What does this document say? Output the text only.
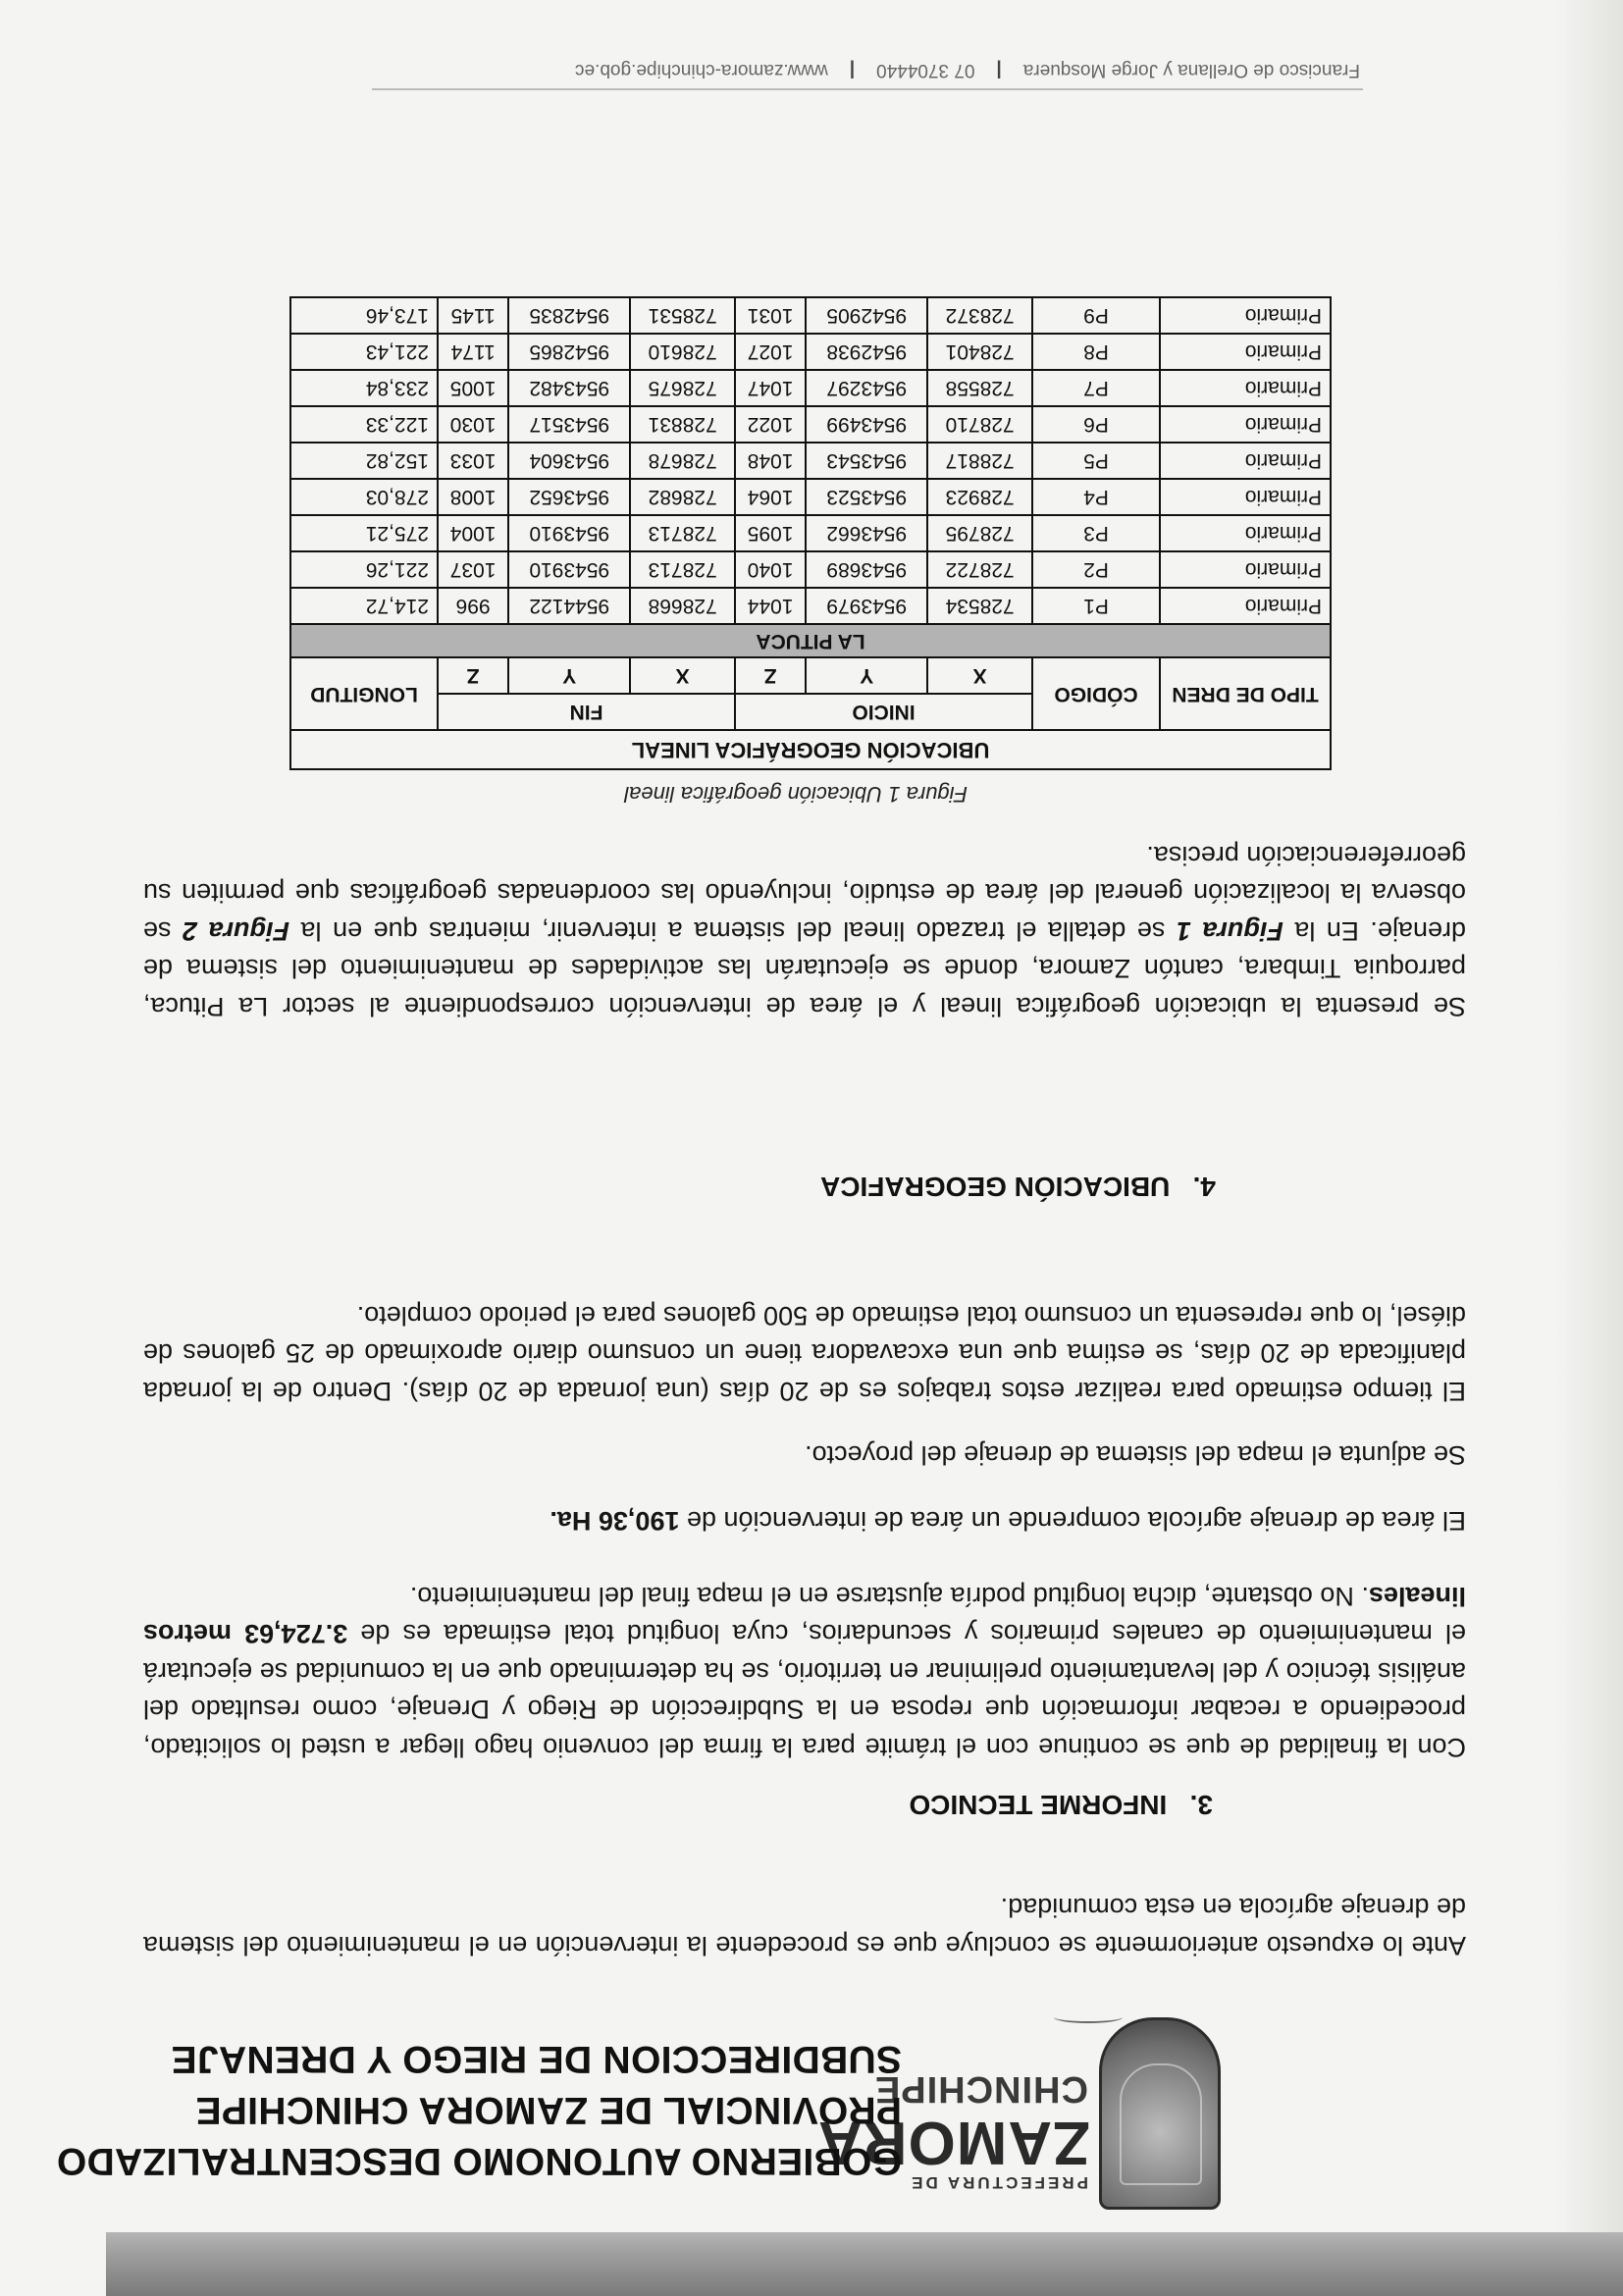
PREFECTURA DE
ZAMORA
CHINCHIPE
GOBIERNO AUTONOMO DESCENTRALIZADO
PROVINCIAL DE ZAMORA CHINCHIPE
SUBDIRECCION DE RIEGO Y DRENAJE

Ante lo expuesto anteriormente se concluye que es procedente la intervención en el mantenimiento del sistema de drenaje agrícola en esta comunidad.

3.   INFORME TECNICO

Con la finalidad de que se continue con el trámite para la firma del convenio hago llegar a usted lo solicitado, procediendo a recabar información que reposa en la Subdirección de Riego y Drenaje, como resultado del análisis técnico y del levantamiento preliminar en territorio, se ha determinado que en la comunidad se ejecutará el mantenimiento de canales primarios y secundarios, cuya longitud total estimada es de 3.724,63 metros lineales. No obstante, dicha longitud podría ajustarse en el mapa final del mantenimiento.

El área de drenaje agrícola comprende un área de intervención de 190,36 Ha.

Se adjunta el mapa del sistema de drenaje del proyecto.

El tiempo estimado para realizar estos trabajos es de 20 días (una jornada de 20 días). Dentro de la jornada planificada de 20 días, se estima que una excavadora tiene un consumo diario aproximado de 25 galones de diésel, lo que representa un consumo total estimado de 500 galones para el periodo completo.

4.   UBICACIÓN GEOGRAFICA

Se presenta la ubicación geográfica lineal y el área de intervención correspondiente al sector La Pituca, parroquia Timbara, cantón Zamora, donde se ejecutarán las actividades de mantenimiento del sistema de drenaje. En la Figura 1 se detalla el trazado lineal del sistema a intervenir, mientras que en la Figura 2 se observa la localización general del área de estudio, incluyendo las coordenadas geográficas que permiten su georreferenciación precisa.

Figura 1 Ubicación geográfica lineal
UBICACIÓN GEOGRÁFICA LINEAL								
TIPO DE DREN	CÓDIGO	INICIO			FIN			LONGITUD
		X	Y	Z	X	Y	Z	
LA PITUCA								
Primario	P1	728534	9543979	1044	728668	9544122	996	214,72
Primario	P2	728722	9543689	1040	728713	9543910	1037	221,26
Primario	P3	728795	9543662	1095	728713	9543910	1004	275,21
Primario	P4	728923	9543523	1064	728682	9543652	1008	278,03
Primario	P5	728817	9543543	1048	728678	9543604	1033	152,82
Primario	P6	728710	9543499	1022	728831	9543517	1030	122,33
Primario	P7	728558	9543297	1047	728675	9543482	1005	233,84
Primario	P8	728401	9542938	1027	728610	9542865	1174	221,43
Primario	P9	728372	9542905	1031	728531	9542835	1145	173,46
Francisco de Orellana y Jorge Mosquera|07 3704440|www.zamora-chinchipe.gob.ec
